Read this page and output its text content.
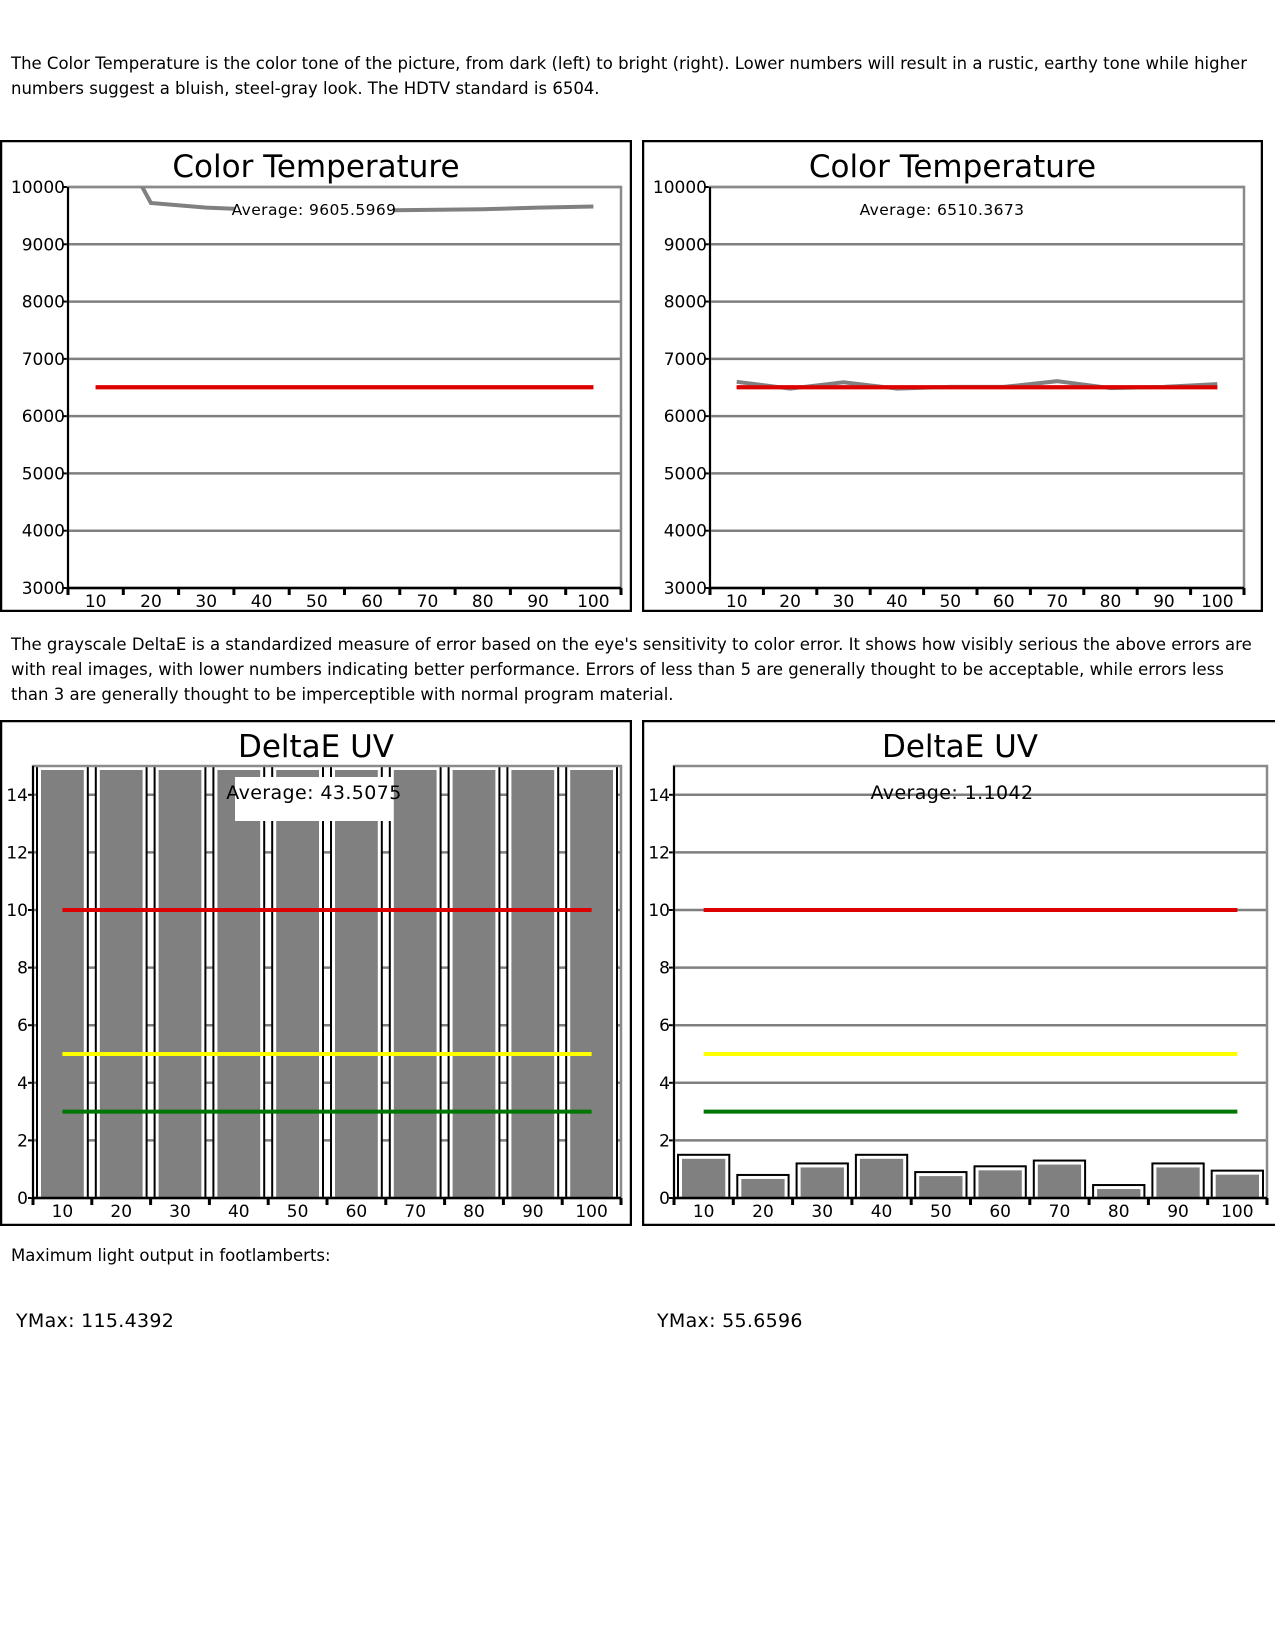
The Color Temperature is the color tone of the picture, from dark (left) to bright (right). Lower numbers will result in a rustic, earthy tone while higher numbers suggest a bluish, steel-gray look. The HDTV standard is 6504.

Color Temperature
3000
4000
5000
6000
7000
8000
9000
10000
10 20 30 40 50 60 70 80 90 100
Average: 9605.5969
Color Temperature
3000
4000
5000
6000
7000
8000
9000
10000
10 20 30 40 50 60 70 80 90 100
Average: 6510.3673

The grayscale DeltaE is a standardized measure of error based on the eye's sensitivity to color error. It shows how visibly serious the above errors are with real images, with lower numbers indicating better performance. Errors of less than 5 are generally thought to be acceptable, while errors less than 3 are generally thought to be imperceptible with normal program material.

DeltaE UV
0
2
4
6
8
10
12
14
10 20 30 40 50 60 70 80 90 100
Average: 43.5075
DeltaE UV
0
2
4
6
8
10
12
14
10 20 30 40 50 60 70 80 90 100
Average: 1.1042

Maximum light output in footlamberts:

YMax: 115.4392	YMax: 55.6596
